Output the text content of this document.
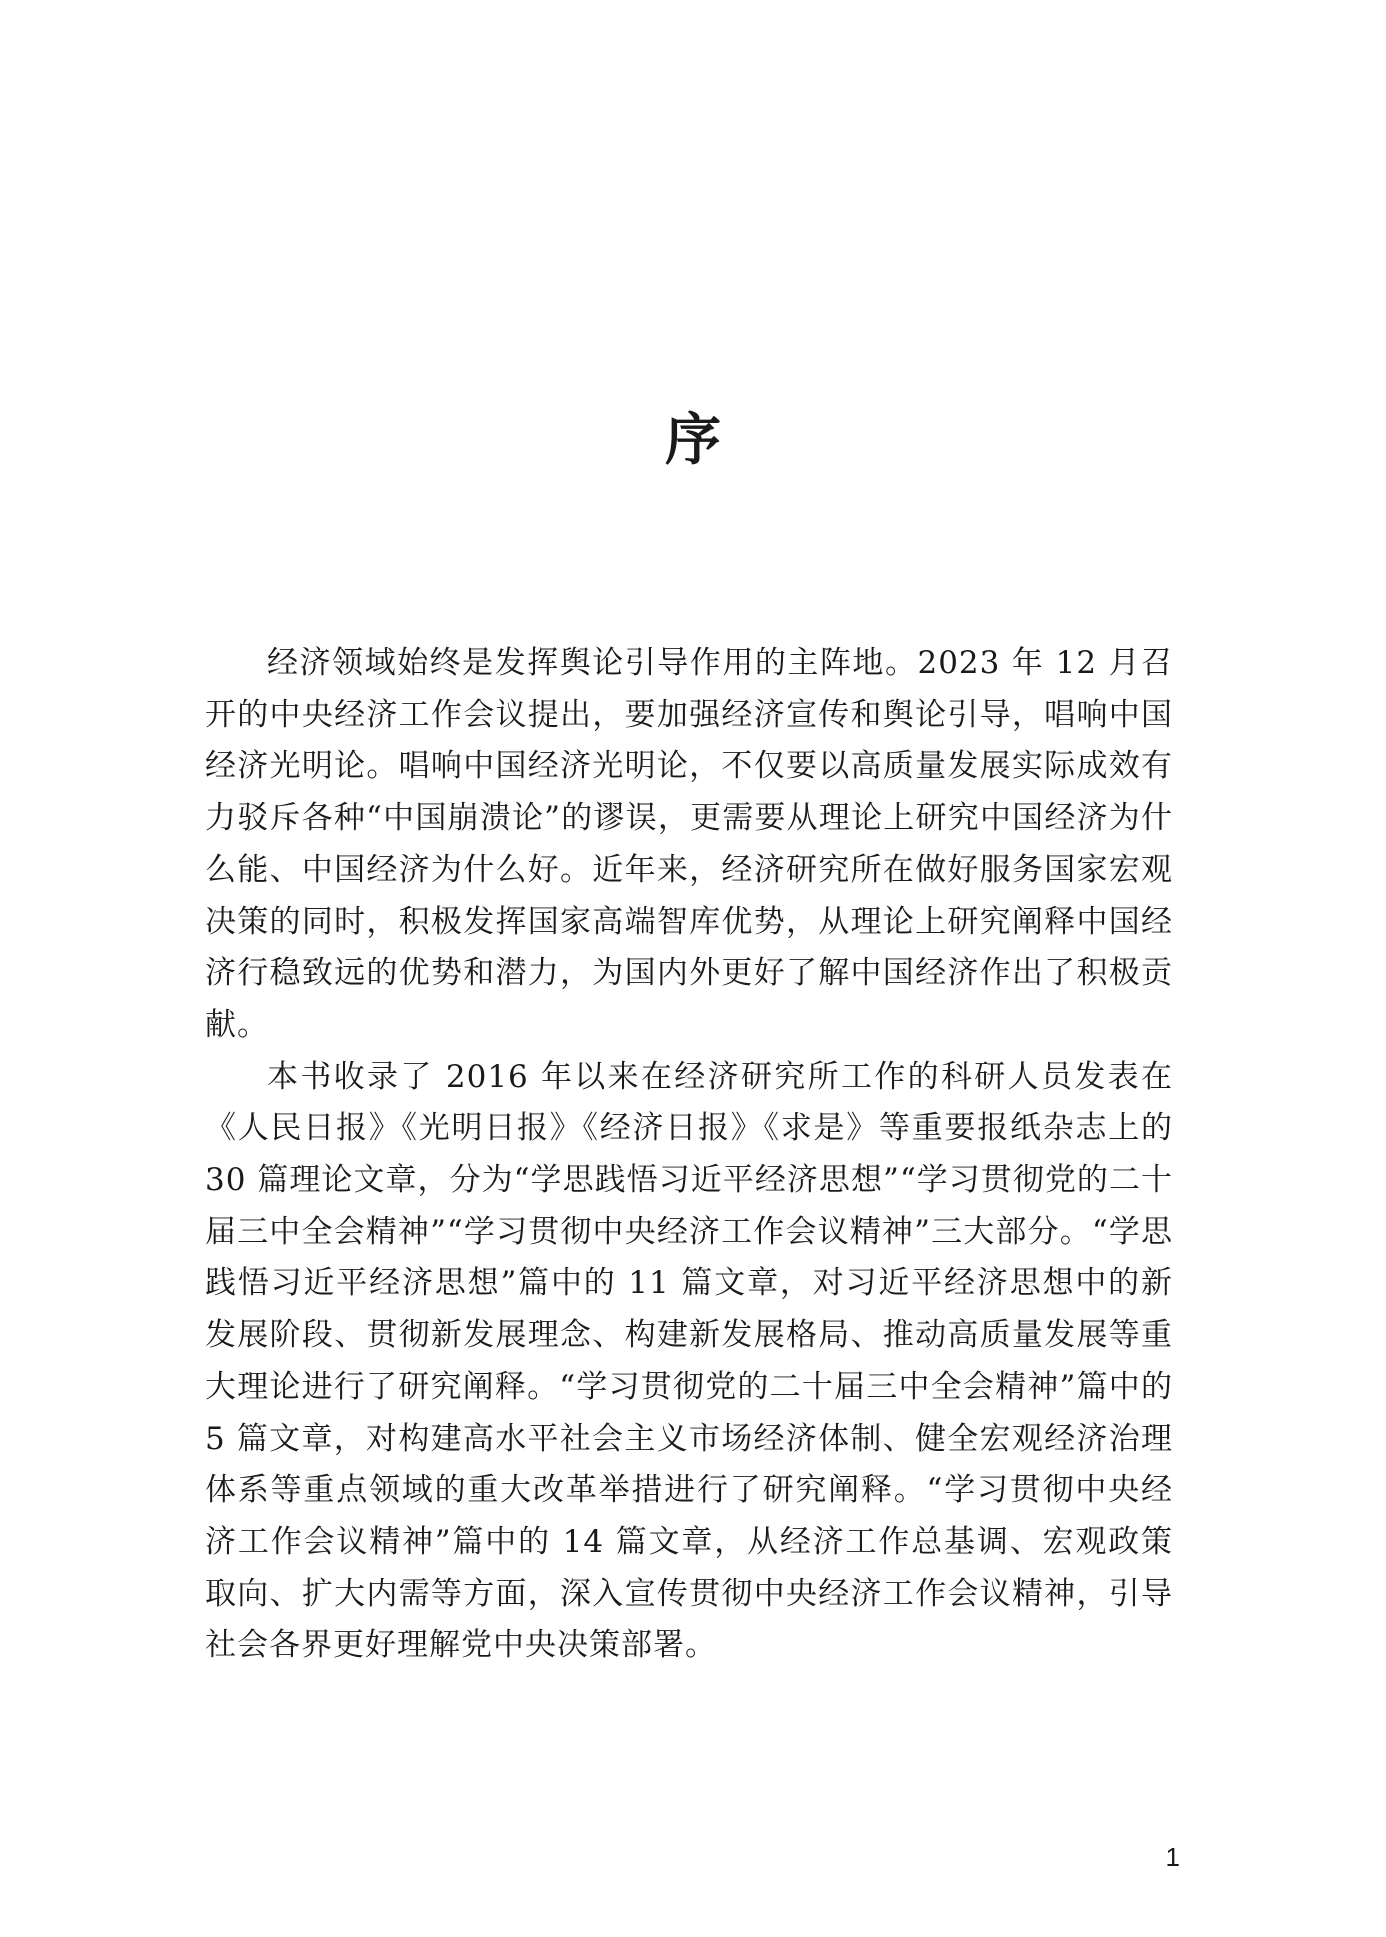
序

经济领域始终是发挥舆论引导作用的主阵地。2023 年 12 月召开的中央经济工作会议提出，要加强经济宣传和舆论引导，唱响中国经济光明论。唱响中国经济光明论，不仅要以高质量发展实际成效有力驳斥各种“中国崩溃论”的谬误，更需要从理论上研究中国经济为什么能、中国经济为什么好。近年来，经济研究所在做好服务国家宏观决策的同时，积极发挥国家高端智库优势，从理论上研究阐释中国经济行稳致远的优势和潜力，为国内外更好了解中国经济作出了积极贡献。

本书收录了 2016 年以来在经济研究所工作的科研人员发表在《人民日报》《光明日报》《经济日报》《求是》等重要报纸杂志上的 30 篇理论文章，分为“学思践悟习近平经济思想”“学习贯彻党的二十届三中全会精神”“学习贯彻中央经济工作会议精神”三大部分。“学思践悟习近平经济思想”篇中的 11 篇文章，对习近平经济思想中的新发展阶段、贯彻新发展理念、构建新发展格局、推动高质量发展等重大理论进行了研究阐释。“学习贯彻党的二十届三中全会精神”篇中的 5 篇文章，对构建高水平社会主义市场经济体制、健全宏观经济治理体系等重点领域的重大改革举措进行了研究阐释。“学习贯彻中央经济工作会议精神”篇中的 14 篇文章，从经济工作总基调、宏观政策取向、扩大内需等方面，深入宣传贯彻中央经济工作会议精神，引导社会各界更好理解党中央决策部署。

1
